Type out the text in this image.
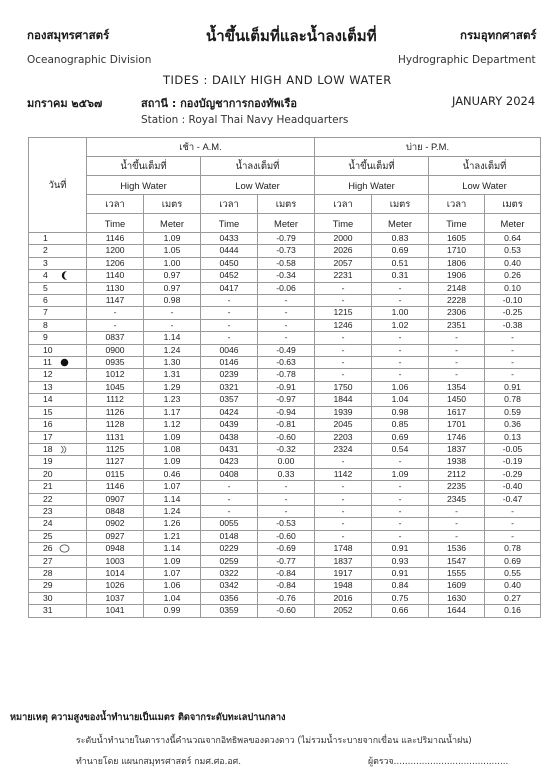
กองสมุทรศาสตร์	น้ำขึ้นเต็มที่และน้ำลงเต็มที่	กรมอุทกศาสตร์
Oceanographic Division	Hydrographic Department
TIDES : DAILY HIGH AND LOW WATER
มกราคม ๒๕๖๗	สถานี : กองบัญชาการกองทัพเรือ	JANUARY 2024
Station : Royal Thai Navy Headquarters
วันที่	เช้า - A.M.				บ่าย - P.M.			
	น้ำขึ้นเต็มที่		น้ำลงเต็มที่		น้ำขึ้นเต็มที่		น้ำลงเต็มที่	
	High Water		Low Water		High Water		Low Water	
	เวลา	เมตร	เวลา	เมตร	เวลา	เมตร	เวลา	เมตร
	Time	Meter	Time	Meter	Time	Meter	Time	Meter
1	1146	1.09	0433	-0.79	2000	0.83	1605	0.64
2	1200	1.05	0444	-0.73	2026	0.69	1710	0.53
3	1206	1.00	0450	-0.58	2057	0.51	1806	0.40
4	1140	0.97	0452	-0.34	2231	0.31	1906	0.26
5	1130	0.97	0417	-0.06	-	-	2148	0.10
6	1147	0.98	-	-	-	-	2228	-0.10
7	-	-	-	-	1215	1.00	2306	-0.25
8	-	-	-	-	1246	1.02	2351	-0.38
9	0837	1.14	-	-	-	-	-	-
10	0900	1.24	0046	-0.49	-	-	-	-
11	0935	1.30	0146	-0.63	-	-	-	-
12	1012	1.31	0239	-0.78	-	-	-	-
13	1045	1.29	0321	-0.91	1750	1.06	1354	0.91
14	1112	1.23	0357	-0.97	1844	1.04	1450	0.78
15	1126	1.17	0424	-0.94	1939	0.98	1617	0.59
16	1128	1.12	0439	-0.81	2045	0.85	1701	0.36
17	1131	1.09	0438	-0.60	2203	0.69	1746	0.13
18	1125	1.08	0431	-0.32	2324	0.54	1837	-0.05
19	1127	1.09	0423	0.00	-	-	1938	-0.19
20	0115	0.46	0408	0.33	1142	1.09	2112	-0.29
21	1146	1.07	-	-	-	-	2235	-0.40
22	0907	1.14	-	-	-	-	2345	-0.47
23	0848	1.24	-	-	-	-	-	-
24	0902	1.26	0055	-0.53	-	-	-	-
25	0927	1.21	0148	-0.60	-	-	-	-
26	0948	1.14	0229	-0.69	1748	0.91	1536	0.78
27	1003	1.09	0259	-0.77	1837	0.93	1547	0.69
28	1014	1.07	0322	-0.84	1917	0.91	1555	0.55
29	1026	1.06	0342	-0.84	1948	0.84	1609	0.40
30	1037	1.04	0356	-0.76	2016	0.75	1630	0.27
31	1041	0.99	0359	-0.60	2052	0.66	1644	0.16
หมายเหตุ ความสูงของน้ำทำนายเป็นเมตร ติดจากระดับทะเลปานกลาง
ระดับน้ำทำนายในตารางนี้คำนวณจากอิทธิพลของดวงดาว (ไม่รวมน้ำระบายจากเขื่อน และปริมาณน้ำฝน)
ทำนายโดย แผนกสมุทรศาสตร์ กมศ.ศอ.อศ.	ผู้ตรวจ.........................................
